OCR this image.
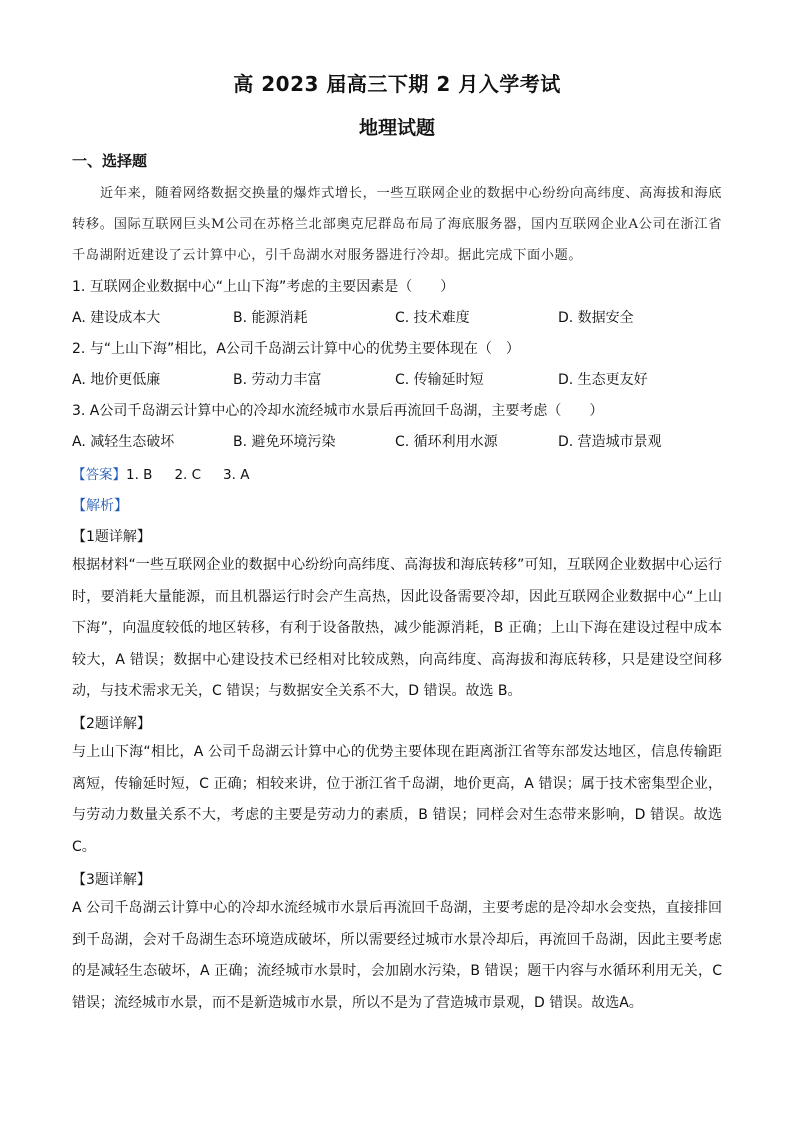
高 2023 届高三下期 2 月入学考试
地理试题
一、选择题
近年来，随着网络数据交换量的爆炸式增长，一些互联网企业的数据中心纷纷向高纬度、高海拔和海底转移。国际互联网巨头M公司在苏格兰北部奥克尼群岛布局了海底服务器，国内互联网企业A公司在浙江省千岛湖附近建设了云计算中心，引千岛湖水对服务器进行冷却。据此完成下面小题。
1. 互联网企业数据中心“上山下海”考虑的主要因素是（　　）
A. 建设成本大	B. 能源消耗	C. 技术难度	D. 数据安全
2. 与“上山下海”相比，A公司千岛湖云计算中心的优势主要体现在（　）
A. 地价更低廉	B. 劳动力丰富	C. 传输延时短	D. 生态更友好
3. A公司千岛湖云计算中心的冷却水流经城市水景后再流回千岛湖，主要考虑（　　）
A. 减轻生态破坏	B. 避免环境污染	C. 循环利用水源	D. 营造城市景观
【答案】1. B 2. C 3. A
【解析】
【1题详解】
根据材料“一些互联网企业的数据中心纷纷向高纬度、高海拔和海底转移”可知，互联网企业数据中心运行时，要消耗大量能源，而且机器运行时会产生高热，因此设备需要冷却，因此互联网企业数据中心“上山下海”，向温度较低的地区转移，有利于设备散热，减少能源消耗，B 正确；上山下海在建设过程中成本较大，A 错误；数据中心建设技术已经相对比较成熟，向高纬度、高海拔和海底转移，只是建设空间移动，与技术需求无关，C 错误；与数据安全关系不大，D 错误。故选 B。
【2题详解】
与上山下海“相比，A 公司千岛湖云计算中心的优势主要体现在距离浙江省等东部发达地区，信息传输距离短，传输延时短，C 正确；相较来讲，位于浙江省千岛湖，地价更高，A 错误；属于技术密集型企业，与劳动力数量关系不大，考虑的主要是劳动力的素质，B 错误；同样会对生态带来影响，D 错误。故选C。
【3题详解】
A 公司千岛湖云计算中心的冷却水流经城市水景后再流回千岛湖，主要考虑的是冷却水会变热，直接排回到千岛湖，会对千岛湖生态环境造成破坏，所以需要经过城市水景冷却后，再流回千岛湖，因此主要考虑的是减轻生态破坏，A 正确；流经城市水景时，会加剧水污染，B 错误；题干内容与水循环利用无关，C 错误；流经城市水景，而不是新造城市水景，所以不是为了营造城市景观，D 错误。故选A。
